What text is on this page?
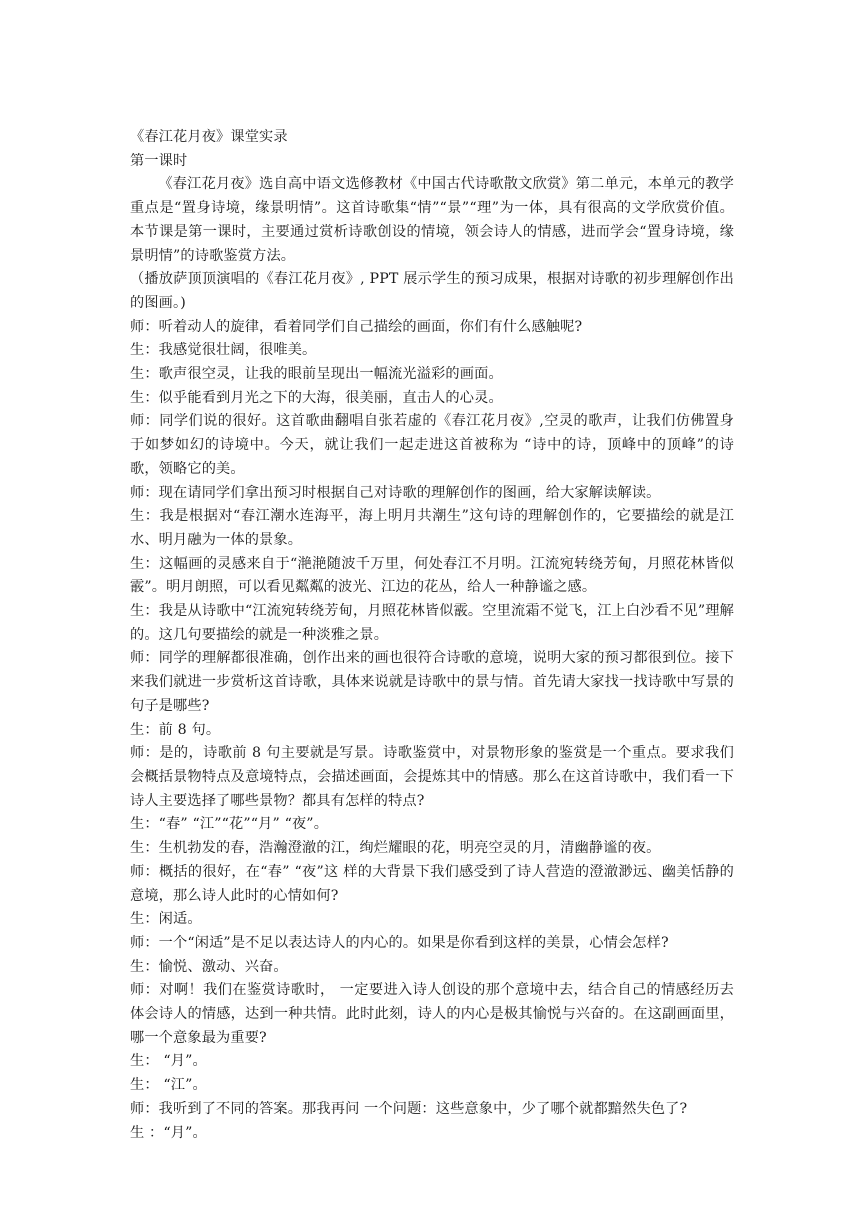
《春江花月夜》课堂实录

第一课时

《春江花月夜》选自高中语文选修教材《中国古代诗歌散文欣赏》第二单元，本单元的教学重点是“置身诗境，缘景明情”。这首诗歌集“情”“景”“理”为一体，具有很高的文学欣赏价值。本节课是第一课时，主要通过赏析诗歌创设的情境，领会诗人的情感，进而学会“置身诗境，缘景明情”的诗歌鉴赏方法。

（播放萨顶顶演唱的《春江花月夜》, PPT 展示学生的预习成果，根据对诗歌的初步理解创作出的图画。)

师：听着动人的旋律，看着同学们自己描绘的画面，你们有什么感触呢?

生：我感觉很壮阔，很唯美。

生：歌声很空灵，让我的眼前呈现出一幅流光溢彩的画面。

生：似乎能看到月光之下的大海，很美丽，直击人的心灵。

师：同学们说的很好。这首歌曲翻唱自张若虚的《春江花月夜》,空灵的歌声，让我们仿佛置身于如梦如幻的诗境中。今天，就让我们一起走进这首被称为 “诗中的诗，顶峰中的顶峰”的诗歌，领略它的美。

师：现在请同学们拿出预习时根据自己对诗歌的理解创作的图画，给大家解读解读。

生：我是根据对“春江潮水连海平，海上明月共潮生”这句诗的理解创作的，它要描绘的就是江水、明月融为一体的景象。

生：这幅画的灵感来自于“滟滟随波千万里，何处春江不月明。江流宛转绕芳甸，月照花林皆似霰”。明月朗照，可以看见粼粼的波光、江边的花丛，给人一种静谧之感。

生：我是从诗歌中“江流宛转绕芳甸，月照花林皆似霰。空里流霜不觉飞，江上白沙看不见”理解的。这几句要描绘的就是一种淡雅之景。

师：同学的理解都很准确，创作出来的画也很符合诗歌的意境，说明大家的预习都很到位。接下来我们就进一步赏析这首诗歌，具体来说就是诗歌中的景与情。首先请大家找一找诗歌中写景的句子是哪些?

生：前 8 句。

师：是的，诗歌前 8 句主要就是写景。诗歌鉴赏中，对景物形象的鉴赏是一个重点。要求我们会概括景物特点及意境特点，会描述画面，会提炼其中的情感。那么在这首诗歌中，我们看一下诗人主要选择了哪些景物？都具有怎样的特点?

生：“春” “江”“花”“月” “夜”。

生：生机勃发的春，浩瀚澄澈的江，绚烂耀眼的花，明亮空灵的月，清幽静谧的夜。

师：概括的很好，在“春” “夜”这 样的大背景下我们感受到了诗人营造的澄澈渺远、幽美恬静的意境，那么诗人此时的心情如何?

生：闲适。

师：一个“闲适”是不足以表达诗人的内心的。如果是你看到这样的美景，心情会怎样?

生：愉悦、激动、兴奋。

师：对啊！我们在鉴赏诗歌时， 一定要进入诗人创设的那个意境中去，结合自己的情感经历去体会诗人的情感，达到一种共情。此时此刻，诗人的内心是极其愉悦与兴奋的。在这副画面里，哪一个意象最为重要?

生： “月”。

生： “江”。

师：我听到了不同的答案。那我再问 一个问题：这些意象中，少了哪个就都黯然失色了?

生 ：“月”。
